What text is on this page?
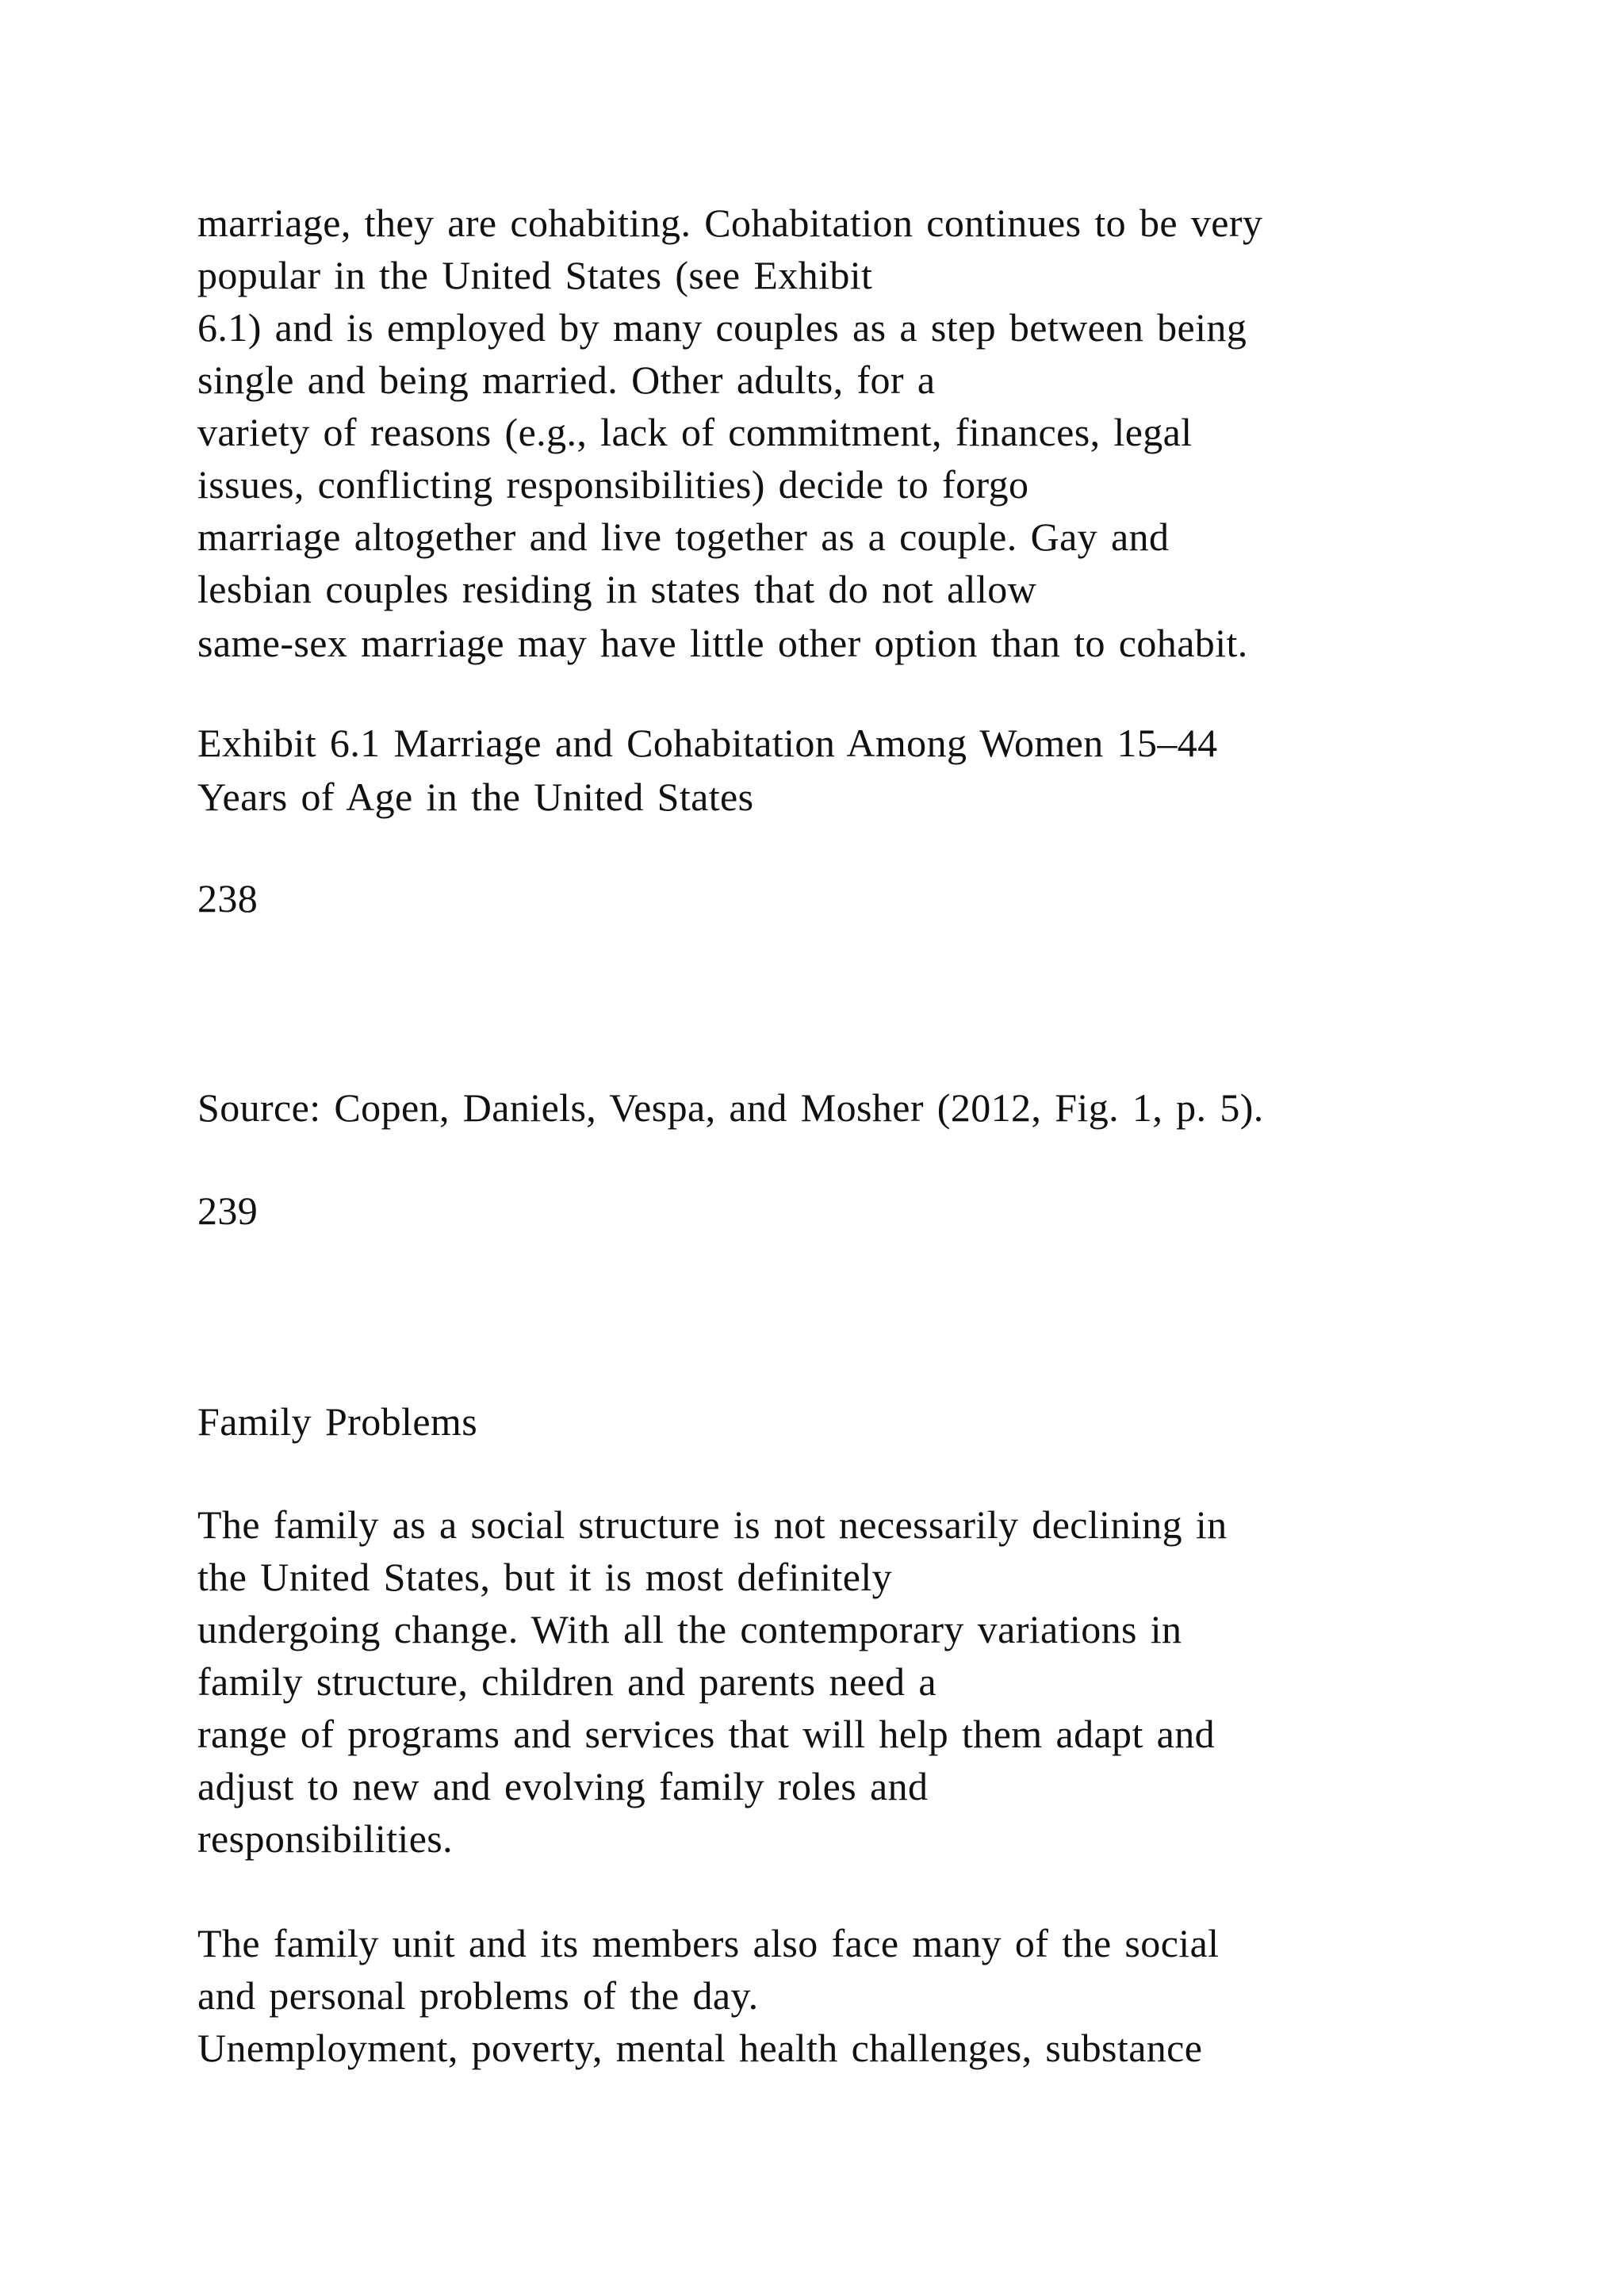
marriage, they are cohabiting. Cohabitation continues to be very

popular in the United States (see Exhibit

6.1) and is employed by many couples as a step between being

single and being married. Other adults, for a

variety of reasons (e.g., lack of commitment, finances, legal

issues, conflicting responsibilities) decide to forgo

marriage altogether and live together as a couple. Gay and

lesbian couples residing in states that do not allow

same-sex marriage may have little other option than to cohabit.

Exhibit 6.1 Marriage and Cohabitation Among Women 15–44

Years of Age in the United States

238

Source: Copen, Daniels, Vespa, and Mosher (2012, Fig. 1, p. 5).

239

Family Problems

The family as a social structure is not necessarily declining in

the United States, but it is most definitely

undergoing change. With all the contemporary variations in

family structure, children and parents need a

range of programs and services that will help them adapt and

adjust to new and evolving family roles and

responsibilities.

The family unit and its members also face many of the social

and personal problems of the day.

Unemployment, poverty, mental health challenges, substance
